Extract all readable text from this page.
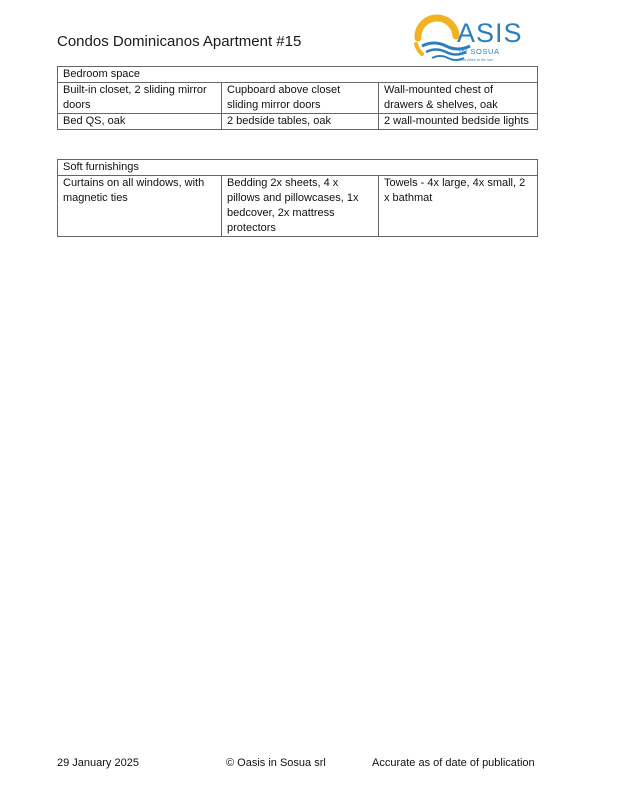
Condos Dominicanos Apartment #15	ASIS
IN SOSUA
Your place in the sun
Bedroom space		
Built-in closet, 2 sliding mirror doors	Cupboard above closet sliding mirror doors	Wall-mounted chest of drawers & shelves, oak
Bed QS, oak	2 bedside tables, oak	2 wall-mounted bedside lights
Soft furnishings
Curtains on all windows, with magnetic ties	Bedding 2x sheets, 4 x pillows and pillowcases, 1x bedcover, 2x mattress protectors	Towels - 4x large, 4x small, 2 x bathmat
29 January 2025	© Oasis in Sosua srl	Accurate as of date of publication
